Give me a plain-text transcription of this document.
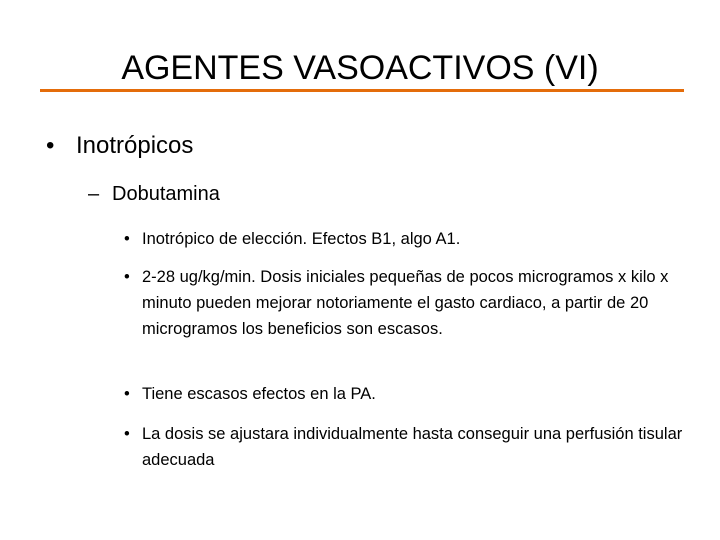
AGENTES VASOACTIVOS (VI)
• Inotrópicos
– Dobutamina
• Inotrópico de elección. Efectos B1, algo A1.
• 2-28 ug/kg/min. Dosis iniciales pequeñas de pocos microgramos x kilo x minuto pueden mejorar notoriamente el gasto cardiaco, a partir de 20 microgramos los beneficios son escasos.
• Tiene escasos efectos en la PA.
• La dosis se ajustara individualmente hasta conseguir una perfusión tisular adecuada
